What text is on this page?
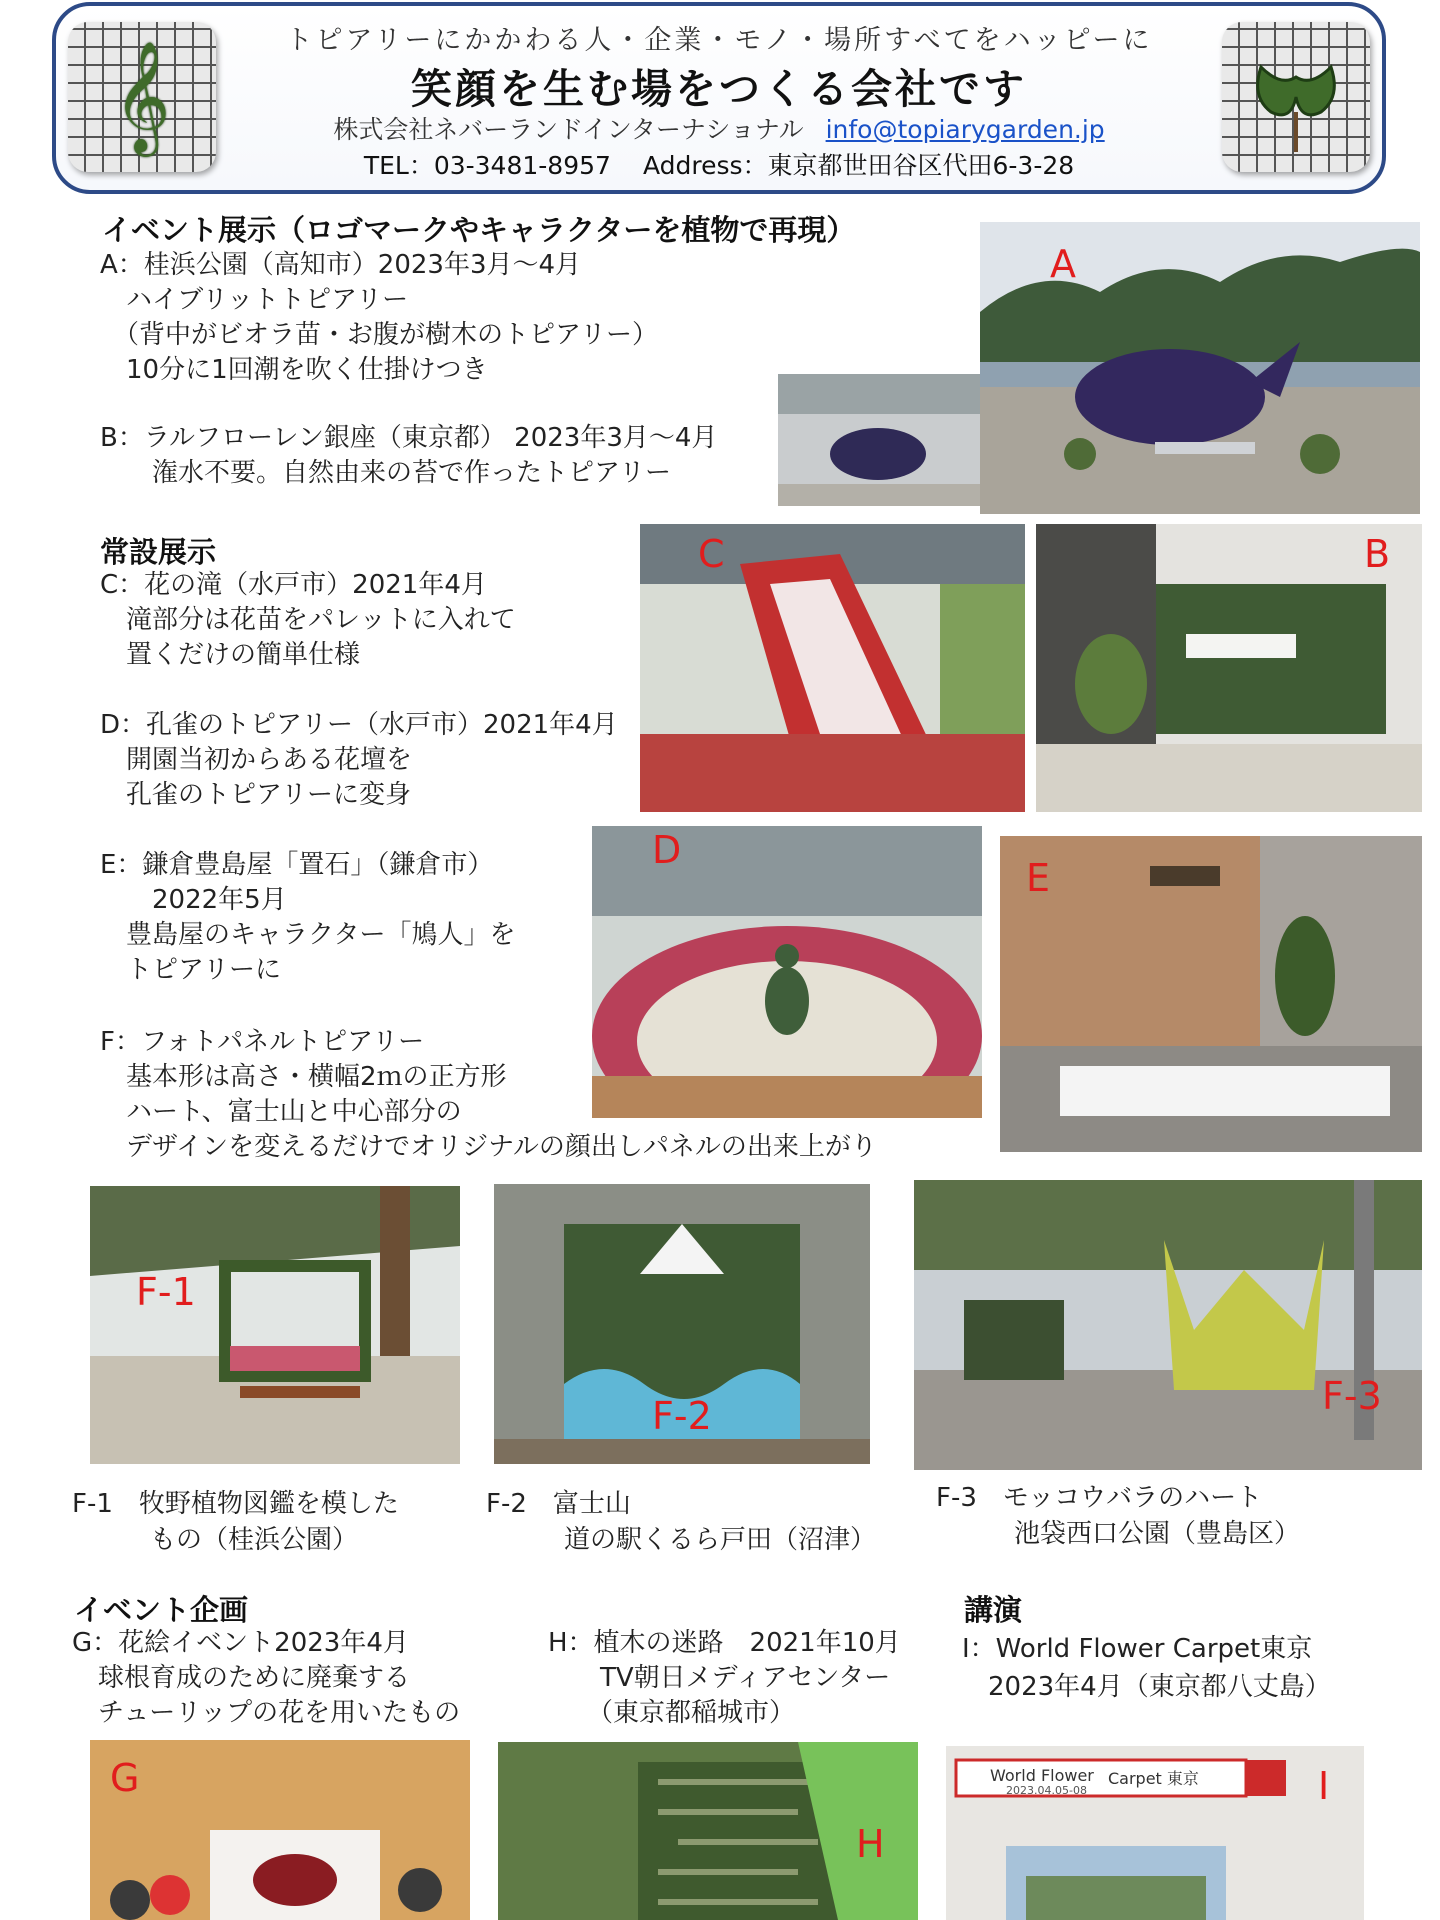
𝄞	トピアリーにかかわる人・企業・モノ・場所すべてをハッピーに
笑顔を生む場をつくる会社です
株式会社ネバーランドインターナショナル info@topiarygarden.jp
TEL：03-3481-8957 Address：東京都世田谷区代田6-3-28
イベント展示（ロゴマークやキャラクターを植物で再現）
A：桂浜公園（高知市）2023年3月～4月
　ハイブリットトピアリー
　（背中がビオラ苗・お腹が樹木のトピアリー）
　10分に1回潮を吹く仕掛けつき
B：ラルフローレン銀座（東京都） 2023年3月～4月
　　潅水不要。自然由来の苔で作ったトピアリー
A
常設展示
C：花の滝（水戸市）2021年4月
　滝部分は花苗をパレットに入れて
　置くだけの簡単仕様
D：孔雀のトピアリー（水戸市）2021年4月
　開園当初からある花壇を
　孔雀のトピアリーに変身
E：鎌倉豊島屋「置石」（鎌倉市）
　　2022年5月
　豊島屋のキャラクター「鳩人」を
　トピアリーに
F：フォトパネルトピアリー
　基本形は高さ・横幅2ｍの正方形
　ハート、富士山と中心部分の
　デザインを変えるだけでオリジナルの顔出しパネルの出来上がり
C	B
D
E
F-1
F-2	F-3
F-1　牧野植物図鑑を模した
　　　もの（桂浜公園）
F-2　富士山
　　　道の駅くるら戸田（沼津）
F-3　モッコウバラのハート
　　　池袋西口公園（豊島区）
イベント企画
G：花絵イベント2023年4月
　球根育成のために廃棄する
　チューリップの花を用いたもの
H：植木の迷路　2021年10月
　　TV朝日メディアセンター
　　（東京都稲城市）
講演
I：World Flower Carpet東京
　2023年4月（東京都八丈島）
G
H
World Flower Carpet 東京
2023.04.05-08	I
